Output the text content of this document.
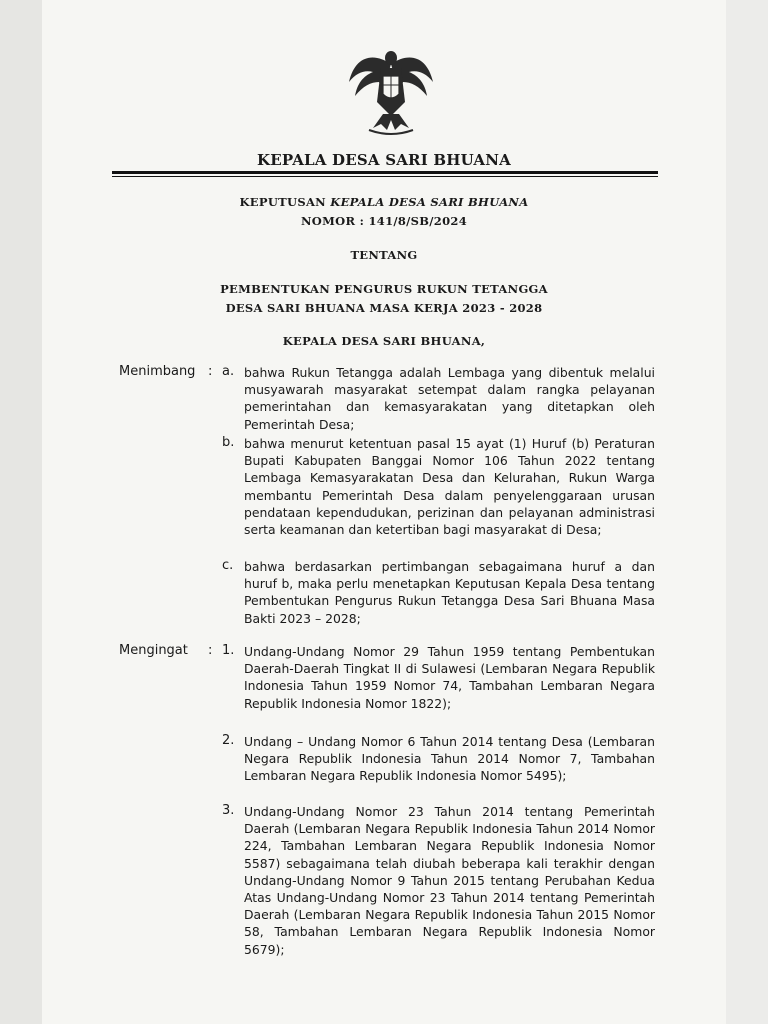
KEPALA DESA SARI BHUANA
KEPUTUSAN KEPALA DESA SARI BHUANA
NOMOR : 141/8/SB/2024
TENTANG
PEMBENTUKAN PENGURUS RUKUN TETANGGA
DESA SARI BHUANA MASA KERJA 2023 - 2028
KEPALA DESA SARI BHUANA,
Menimbang : a. bahwa Rukun Tetangga adalah Lembaga yang dibentuk melalui musyawarah masyarakat setempat dalam rangka pelayanan pemerintahan dan kemasyarakatan yang ditetapkan oleh Pemerintah Desa;
b. bahwa menurut ketentuan pasal 15 ayat (1) Huruf (b) Peraturan Bupati Kabupaten Banggai Nomor 106 Tahun 2022 tentang Lembaga Kemasyarakatan Desa dan Kelurahan, Rukun Warga membantu Pemerintah Desa dalam penyelenggaraan urusan pendataan kependudukan, perizinan dan pelayanan administrasi serta keamanan dan ketertiban bagi masyarakat di Desa;
c. bahwa berdasarkan pertimbangan sebagaimana huruf a dan huruf b, maka perlu menetapkan Keputusan Kepala Desa tentang Pembentukan Pengurus Rukun Tetangga Desa Sari Bhuana Masa Bakti 2023 – 2028;
Mengingat : 1. Undang-Undang Nomor 29 Tahun 1959 tentang Pembentukan Daerah-Daerah Tingkat II di Sulawesi (Lembaran Negara Republik Indonesia Tahun 1959 Nomor 74, Tambahan Lembaran Negara Republik Indonesia Nomor 1822);
2. Undang – Undang Nomor 6 Tahun 2014 tentang Desa (Lembaran Negara Republik Indonesia Tahun 2014 Nomor 7, Tambahan Lembaran Negara Republik Indonesia Nomor 5495);
3. Undang-Undang Nomor 23 Tahun 2014 tentang Pemerintah Daerah (Lembaran Negara Republik Indonesia Tahun 2014 Nomor 224, Tambahan Lembaran Negara Republik Indonesia Nomor 5587) sebagaimana telah diubah beberapa kali terakhir dengan Undang-Undang Nomor 9 Tahun 2015 tentang Perubahan Kedua Atas Undang-Undang Nomor 23 Tahun 2014 tentang Pemerintah Daerah (Lembaran Negara Republik Indonesia Tahun 2015 Nomor 58, Tambahan Lembaran Negara Republik Indonesia Nomor 5679);
